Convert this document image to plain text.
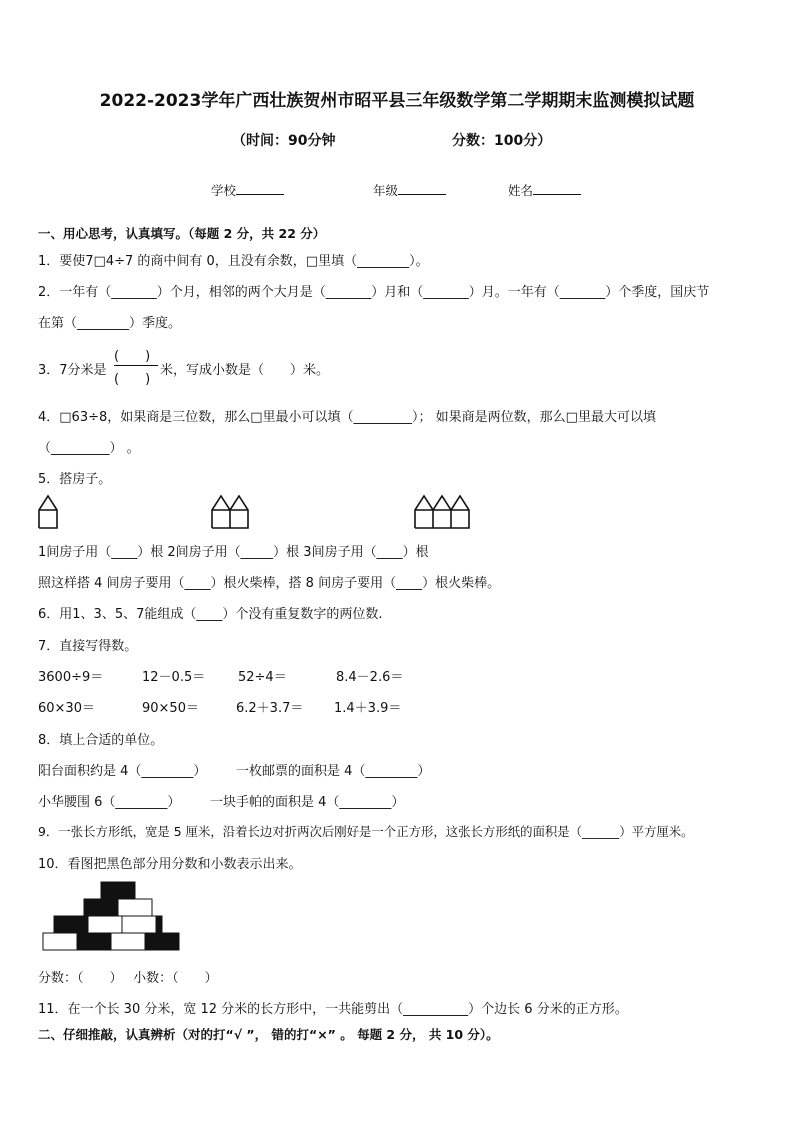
2022-2023学年广西壮族贺州市昭平县三年级数学第二学期期末监测模拟试题
（时间：90分钟	分数：100分）
学校	年级	姓名
一、用心思考，认真填写。（每题 2 分，共 22 分）
1．要使7□4÷7 的商中间有 0，且没有余数，□里填（________）。
2．一年有（_______）个月，相邻的两个大月是（_______）月和（_______）月。一年有（_______）个季度，国庆节
在第（________）季度。
3．7分米是
(　　)
(　　)
米，写成小数是（　　）米。
4．□63÷8，如果商是三位数，那么□里最小可以填（_________）； 如果商是两位数，那么□里最大可以填
（_________） 。
5．搭房子。
1间房子用（____）根 2间房子用（_____）根 3间房子用（____）根
照这样搭 4 间房子要用（____）根火柴棒，搭 8 间房子要用（____）根火柴棒。
6．用1、3、5、7能组成（____）个没有重复数字的两位数.
7．直接写得数。
3600÷9＝	12－0.5＝	52÷4＝	8.4－2.6＝
60×30＝	90×50＝	6.2＋3.7＝ 1.4＋3.9＝
8．填上合适的单位。
阳台面积约是 4（________） 一枚邮票的面积是 4（________）
小华腰围 6（________） 一块手帕的面积是 4（________）
9．一张长方形纸，宽是 5 厘米，沿着长边对折两次后刚好是一个正方形，这张长方形纸的面积是（______）平方厘米。
10．看图把黑色部分用分数和小数表示出来。
分数：（　　）　 小数：（　　）
11．在一个长 30 分米，宽 12 分米的长方形中，一共能剪出（__________）个边长 6 分米的正方形。
二、仔细推敲，认真辨析（对的打“√ ”， 错的打“×” 。 每题 2 分， 共 10 分）。
